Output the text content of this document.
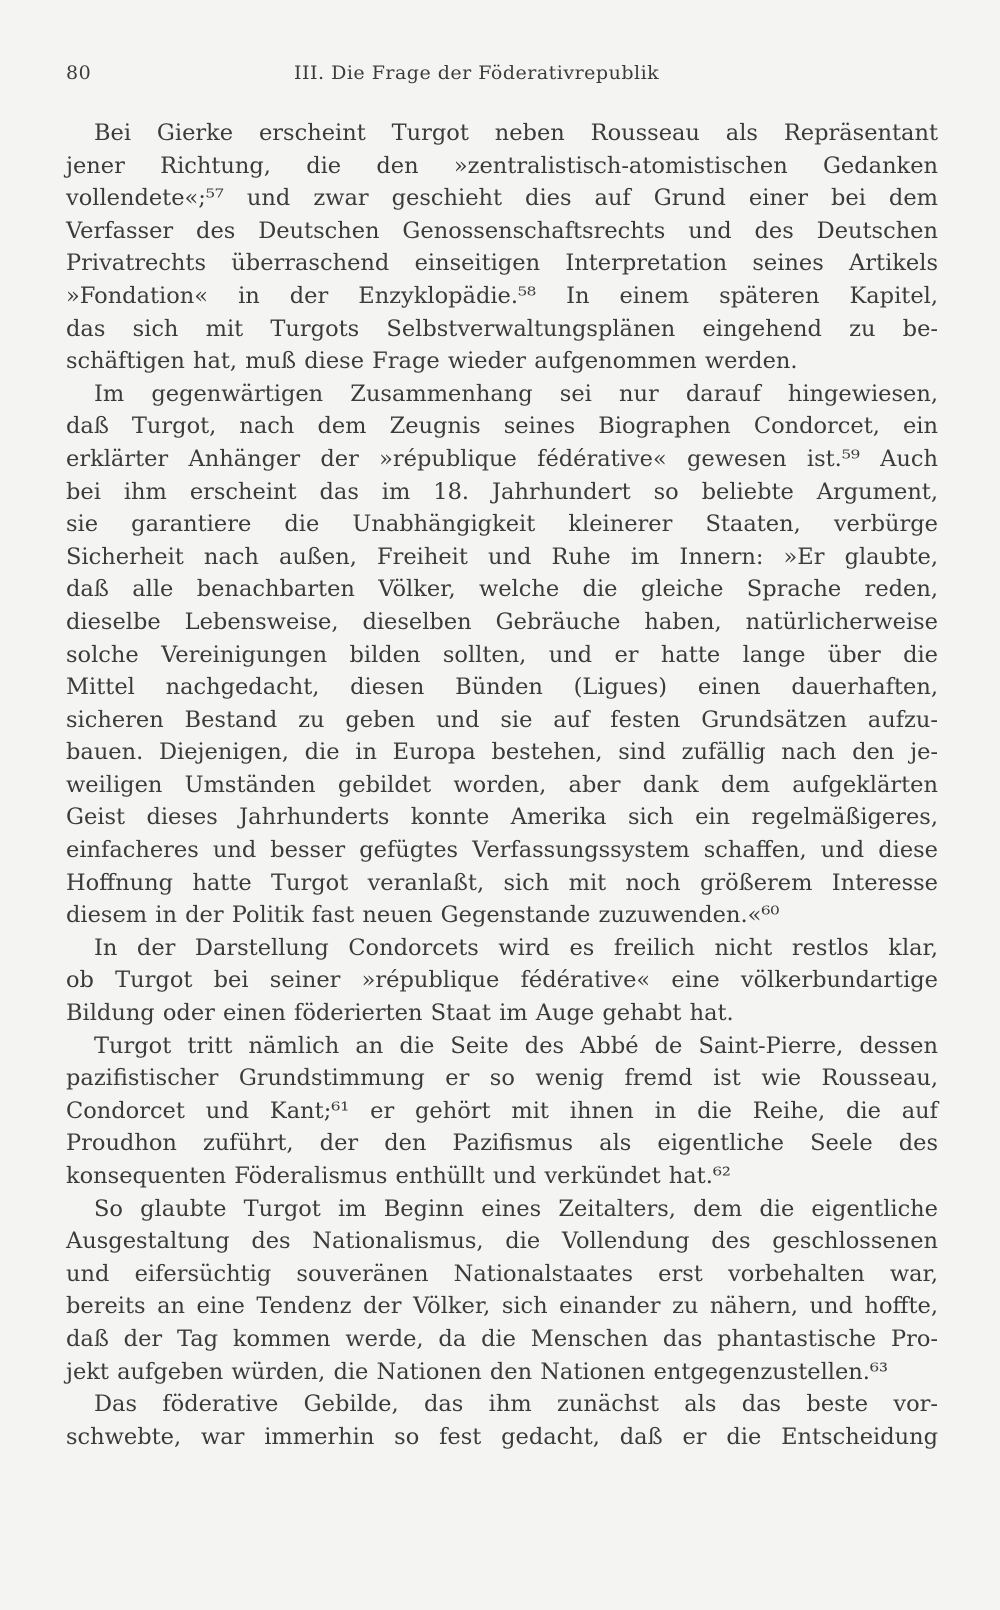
80	III. Die Frage der Föderativrepublik
Bei Gierke erscheint Turgot neben Rousseau als Repräsentant
jener Richtung, die den »zentralistisch-atomistischen Gedanken
vollendete«;⁵⁷ und zwar geschieht dies auf Grund einer bei dem
Verfasser des Deutschen Genossenschaftsrechts und des Deutschen
Privatrechts überraschend einseitigen Interpretation seines Artikels
»Fondation« in der Enzyklopädie.⁵⁸ In einem späteren Kapitel,
das sich mit Turgots Selbstverwaltungsplänen eingehend zu be-
schäftigen hat, muß diese Frage wieder aufgenommen werden.
Im gegenwärtigen Zusammenhang sei nur darauf hingewiesen,
daß Turgot, nach dem Zeugnis seines Biographen Condorcet, ein
erklärter Anhänger der »république fédérative« gewesen ist.⁵⁹ Auch
bei ihm erscheint das im 18. Jahrhundert so beliebte Argument,
sie garantiere die Unabhängigkeit kleinerer Staaten, verbürge
Sicherheit nach außen, Freiheit und Ruhe im Innern: »Er glaubte,
daß alle benachbarten Völker, welche die gleiche Sprache reden,
dieselbe Lebensweise, dieselben Gebräuche haben, natürlicherweise
solche Vereinigungen bilden sollten, und er hatte lange über die
Mittel nachgedacht, diesen Bünden (Ligues) einen dauerhaften,
sicheren Bestand zu geben und sie auf festen Grundsätzen aufzu-
bauen. Diejenigen, die in Europa bestehen, sind zufällig nach den je-
weiligen Umständen gebildet worden, aber dank dem aufgeklärten
Geist dieses Jahrhunderts konnte Amerika sich ein regelmäßigeres,
einfacheres und besser gefügtes Verfassungssystem schaffen, und diese
Hoffnung hatte Turgot veranlaßt, sich mit noch größerem Interesse
diesem in der Politik fast neuen Gegenstande zuzuwenden.«⁶⁰
In der Darstellung Condorcets wird es freilich nicht restlos klar,
ob Turgot bei seiner »république fédérative« eine völkerbundartige
Bildung oder einen föderierten Staat im Auge gehabt hat.
Turgot tritt nämlich an die Seite des Abbé de Saint-Pierre, dessen
pazifistischer Grundstimmung er so wenig fremd ist wie Rousseau,
Condorcet und Kant;⁶¹ er gehört mit ihnen in die Reihe, die auf
Proudhon zuführt, der den Pazifismus als eigentliche Seele des
konsequenten Föderalismus enthüllt und verkündet hat.⁶²
So glaubte Turgot im Beginn eines Zeitalters, dem die eigentliche
Ausgestaltung des Nationalismus, die Vollendung des geschlossenen
und eifersüchtig souveränen Nationalstaates erst vorbehalten war,
bereits an eine Tendenz der Völker, sich einander zu nähern, und hoffte,
daß der Tag kommen werde, da die Menschen das phantastische Pro-
jekt aufgeben würden, die Nationen den Nationen entgegenzustellen.⁶³
Das föderative Gebilde, das ihm zunächst als das beste vor-
schwebte, war immerhin so fest gedacht, daß er die Entscheidung
